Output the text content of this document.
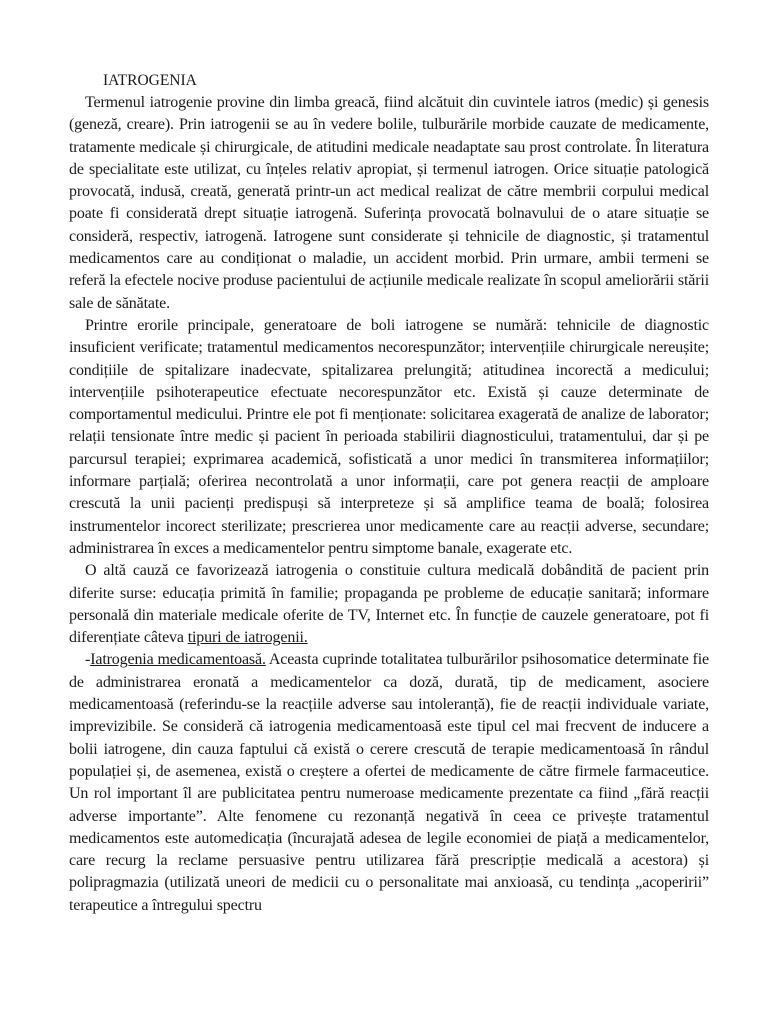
IATROGENIA

Termenul iatrogenie provine din limba greacă, fiind alcătuit din cuvintele iatros (medic) și genesis (geneză, creare). Prin iatrogenii se au în vedere bolile, tulburările morbide cauzate de medicamente, tratamente medicale și chirurgicale, de atitudini medicale neadaptate sau prost controlate. În literatura de specialitate este utilizat, cu înțeles relativ apropiat, și termenul iatrogen. Orice situație patologică provocată, indusă, creată, generată printr-un act medical realizat de către membrii corpului medical poate fi considerată drept situație iatrogenă. Suferința provocată bolnavului de o atare situație se consideră, respectiv, iatrogenă. Iatrogene sunt considerate și tehnicile de diagnostic, și tratamentul medicamentos care au condiționat o maladie, un accident morbid. Prin urmare, ambii termeni se referă la efectele nocive produse pacientului de acțiunile medicale realizate în scopul ameliorării stării sale de sănătate.

Printre erorile principale, generatoare de boli iatrogene se numără: tehnicile de diagnostic insuficient verificate; tratamentul medicamentos necorespunzător; intervențiile chirurgicale nereușite; condițiile de spitalizare inadecvate, spitalizarea prelungită; atitudinea incorectă a medicului; intervențiile psihoterapeutice efectuate necorespunzător etc. Există și cauze determinate de comportamentul medicului. Printre ele pot fi menționate: solicitarea exagerată de analize de laborator; relații tensionate între medic și pacient în perioada stabilirii diagnosticului, tratamentului, dar și pe parcursul terapiei; exprimarea academică, sofisticată a unor medici în transmiterea informațiilor; informare parțială; oferirea necontrolată a unor informații, care pot genera reacții de amploare crescută la unii pacienți predispuși să interpreteze și să amplifice teama de boală; folosirea instrumentelor incorect sterilizate; prescrierea unor medicamente care au reacții adverse, secundare; administrarea în exces a medicamentelor pentru simptome banale, exagerate etc.

O altă cauză ce favorizează iatrogenia o constituie cultura medicală dobândită de pacient prin diferite surse: educația primită în familie; propaganda pe probleme de educație sanitară; informare personală din materiale medicale oferite de TV, Internet etc. În funcție de cauzele generatoare, pot fi diferențiate câteva tipuri de iatrogenii.

-Iatrogenia medicamentoasă. Aceasta cuprinde totalitatea tulburărilor psihosomatice determinate fie de administrarea eronată a medicamentelor ca doză, durată, tip de medicament, asociere medicamentoasă (referindu-se la reacțiile adverse sau intoleranță), fie de reacții individuale variate, imprevizibile. Se consideră că iatrogenia medicamentoasă este tipul cel mai frecvent de inducere a bolii iatrogene, din cauza faptului că există o cerere crescută de terapie medicamentoasă în rândul populației și, de asemenea, există o creștere a ofertei de medicamente de către firmele farmaceutice. Un rol important îl are publicitatea pentru numeroase medicamente prezentate ca fiind „fără reacții adverse importante”. Alte fenomene cu rezonanță negativă în ceea ce privește tratamentul medicamentos este automedicația (încurajată adesea de legile economiei de piață a medicamentelor, care recurg la reclame persuasive pentru utilizarea fără prescripție medicală a acestora) și polipragmazia (utilizată uneori de medicii cu o personalitate mai anxioasă, cu tendința „acoperirii” terapeutice a întregului spectru
